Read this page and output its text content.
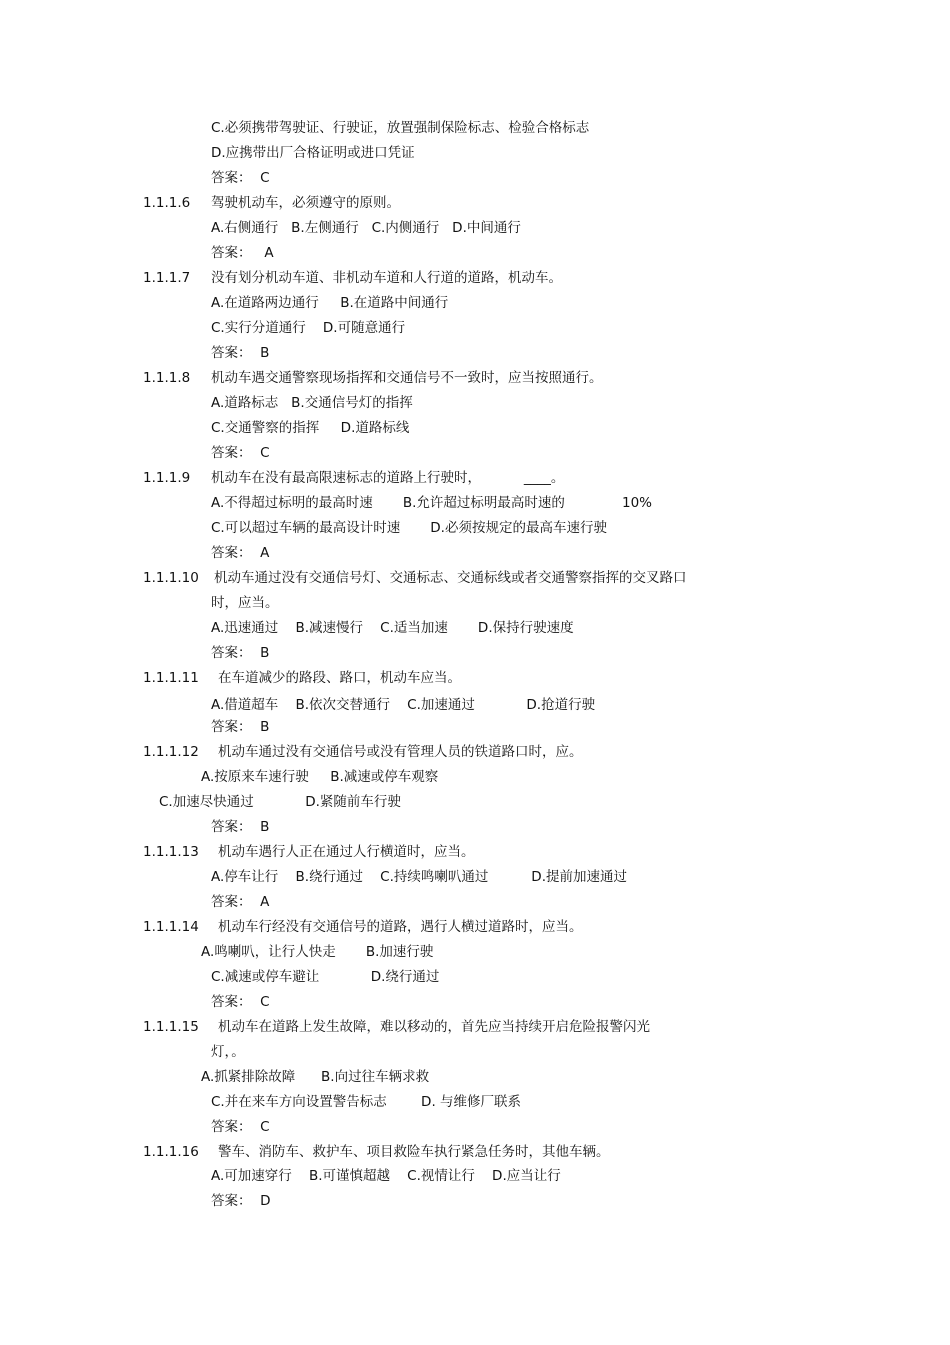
C.必须携带驾驶证、行驶证，放置强制保险标志、检验合格标志
D.应携带出厂合格证明或进口凭证
答案：  C
1.1.1.6 驾驶机动车，必须遵守的原则。
A.右侧通行   B.左侧通行   C.内侧通行   D.中间通行
答案：   A
1.1.1.7 没有划分机动车道、非机动车道和人行道的道路，机动车。
A.在道路两边通行     B.在道路中间通行
C.实行分道通行    D.可随意通行
答案：  B
1.1.1.8 机动车遇交通警察现场指挥和交通信号不一致时，应当按照通行。
A.道路标志   B.交通信号灯的指挥
C.交通警察的指挥     D.道路标线
答案：  C
1.1.1.9 机动车在没有最高限速标志的道路上行驶时，          ____。
A.不得超过标明的最高时速       B.允许超过标明最高时速的	10%
C.可以超过车辆的最高设计时速       D.必须按规定的最高车速行驶
答案：  A
1.1.1.10 机动车通过没有交通信号灯、交通标志、交通标线或者交通警察指挥的交叉路口
时，应当。
A.迅速通过    B.减速慢行    C.适当加速       D.保持行驶速度
答案：  B
1.1.1.11 在车道减少的路段、路口，机动车应当。
A.借道超车    B.依次交替通行    C.加速通过            D.抢道行驶
答案：  B
1.1.1.12 机动车通过没有交通信号或没有管理人员的铁道路口时，应。
A.按原来车速行驶     B.减速或停车观察
C.加速尽快通过            D.紧随前车行驶
答案：  B
1.1.1.13 机动车遇行人正在通过人行横道时，应当。
A.停车让行    B.绕行通过    C.持续鸣喇叭通过          D.提前加速通过
答案：  A
1.1.1.14 机动车行经没有交通信号的道路，遇行人横过道路时，应当。
A.鸣喇叭，让行人快走       B.加速行驶
C.减速或停车避让            D.绕行通过
答案：  C
1.1.1.15 机动车在道路上发生故障，难以移动的，首先应当持续开启危险报警闪光
灯，。
A.抓紧排除故障      B.向过往车辆求救
C.并在来车方向设置警告标志        D. 与维修厂联系
答案：  C
1.1.1.16 警车、消防车、救护车、项目救险车执行紧急任务时，其他车辆。
A.可加速穿行    B.可谨慎超越    C.视情让行    D.应当让行
答案：  D
